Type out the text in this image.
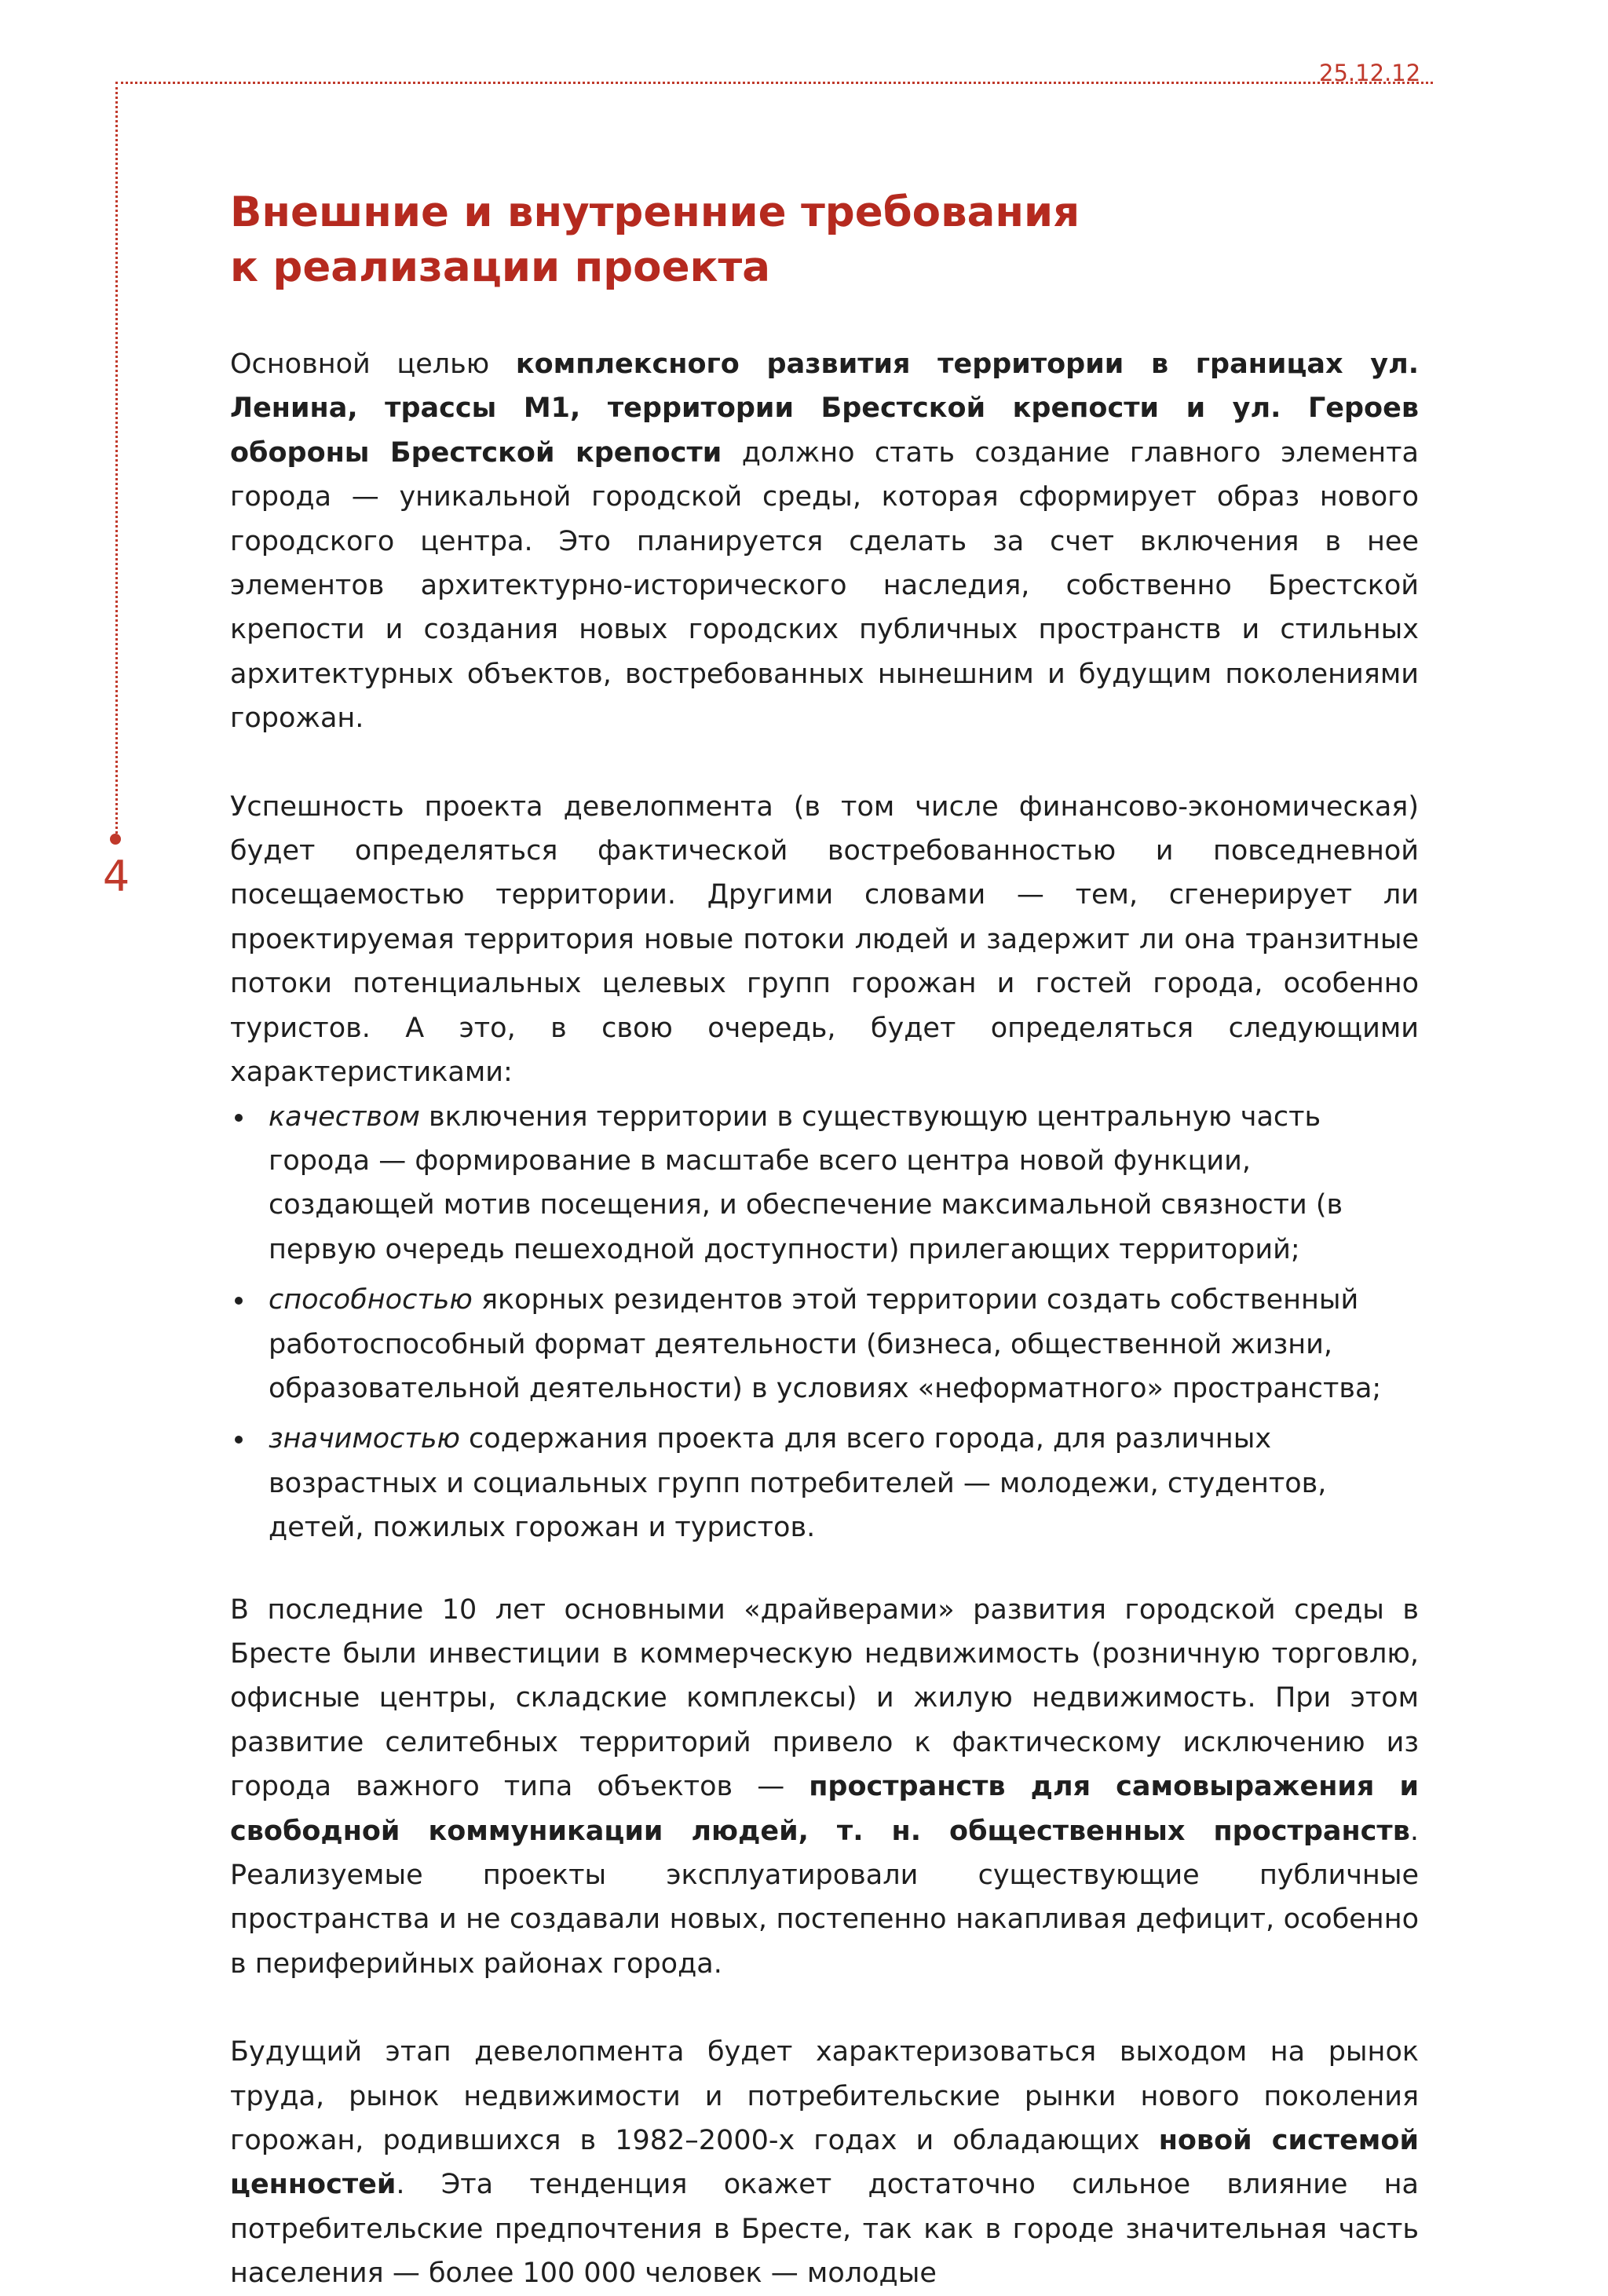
25.12.12
4
Внешние и внутренние требования
к реализации проекта

Основной целью комплексного развития территории в границах ул. Ленина, трассы М1, территории Брестской крепости и ул. Героев обороны Брестской крепости должно стать создание главного элемента города — уникальной городской среды, которая сформирует образ нового городского центра. Это планируется сделать за счет включения в нее элементов архитектурно-исторического наследия, собственно Брестской крепости и создания новых городских публичных пространств и стильных архитектурных объектов, востребованных нынешним и будущим поколениями горожан.

Успешность проекта девелопмента (в том числе финансово-экономическая) будет определяться фактической востребованностью и повседневной посещаемостью территории. Другими словами — тем, сгенерирует ли проектируемая территория новые потоки людей и задержит ли она транзитные потоки потенциальных целевых групп горожан и гостей города, особенно туристов. А это, в свою очередь, будет определяться следующими характеристиками:

качеством включения территории в существующую центральную часть города — формирование в масштабе всего центра новой функции, создающей мотив посещения, и обеспечение максимальной связности (в первую очередь пешеходной доступности) прилегающих территорий;
способностью якорных резидентов этой территории создать собственный работоспособный формат деятельности (бизнеса, общественной жизни, образовательной деятельности) в условиях «неформатного» пространства;
значимостью содержания проекта для всего города, для различных возрастных и социальных групп потребителей — молодежи, студентов, детей, пожилых горожан и туристов.

В последние 10 лет основными «драйверами» развития городской среды в Бресте были инвестиции в коммерческую недвижимость (розничную торговлю, офисные центры, складские комплексы) и жилую недвижимость. При этом развитие селитебных территорий привело к фактическому исключению из города важного типа объектов — пространств для самовыражения и свободной коммуникации людей, т. н. общественных пространств. Реализуемые проекты эксплуатировали существующие публичные пространства и не создавали новых, постепенно накапливая дефицит, особенно в периферийных районах города.

Будущий этап девелопмента будет характеризоваться выходом на рынок труда, рынок недвижимости и потребительские рынки нового поколения горожан, родившихся в 1982–2000-х годах и обладающих новой системой ценностей. Эта тенденция окажет достаточно сильное влияние на потребительские предпочтения в Бресте, так как в городе значительная часть населения — более 100 000 человек — молодые
